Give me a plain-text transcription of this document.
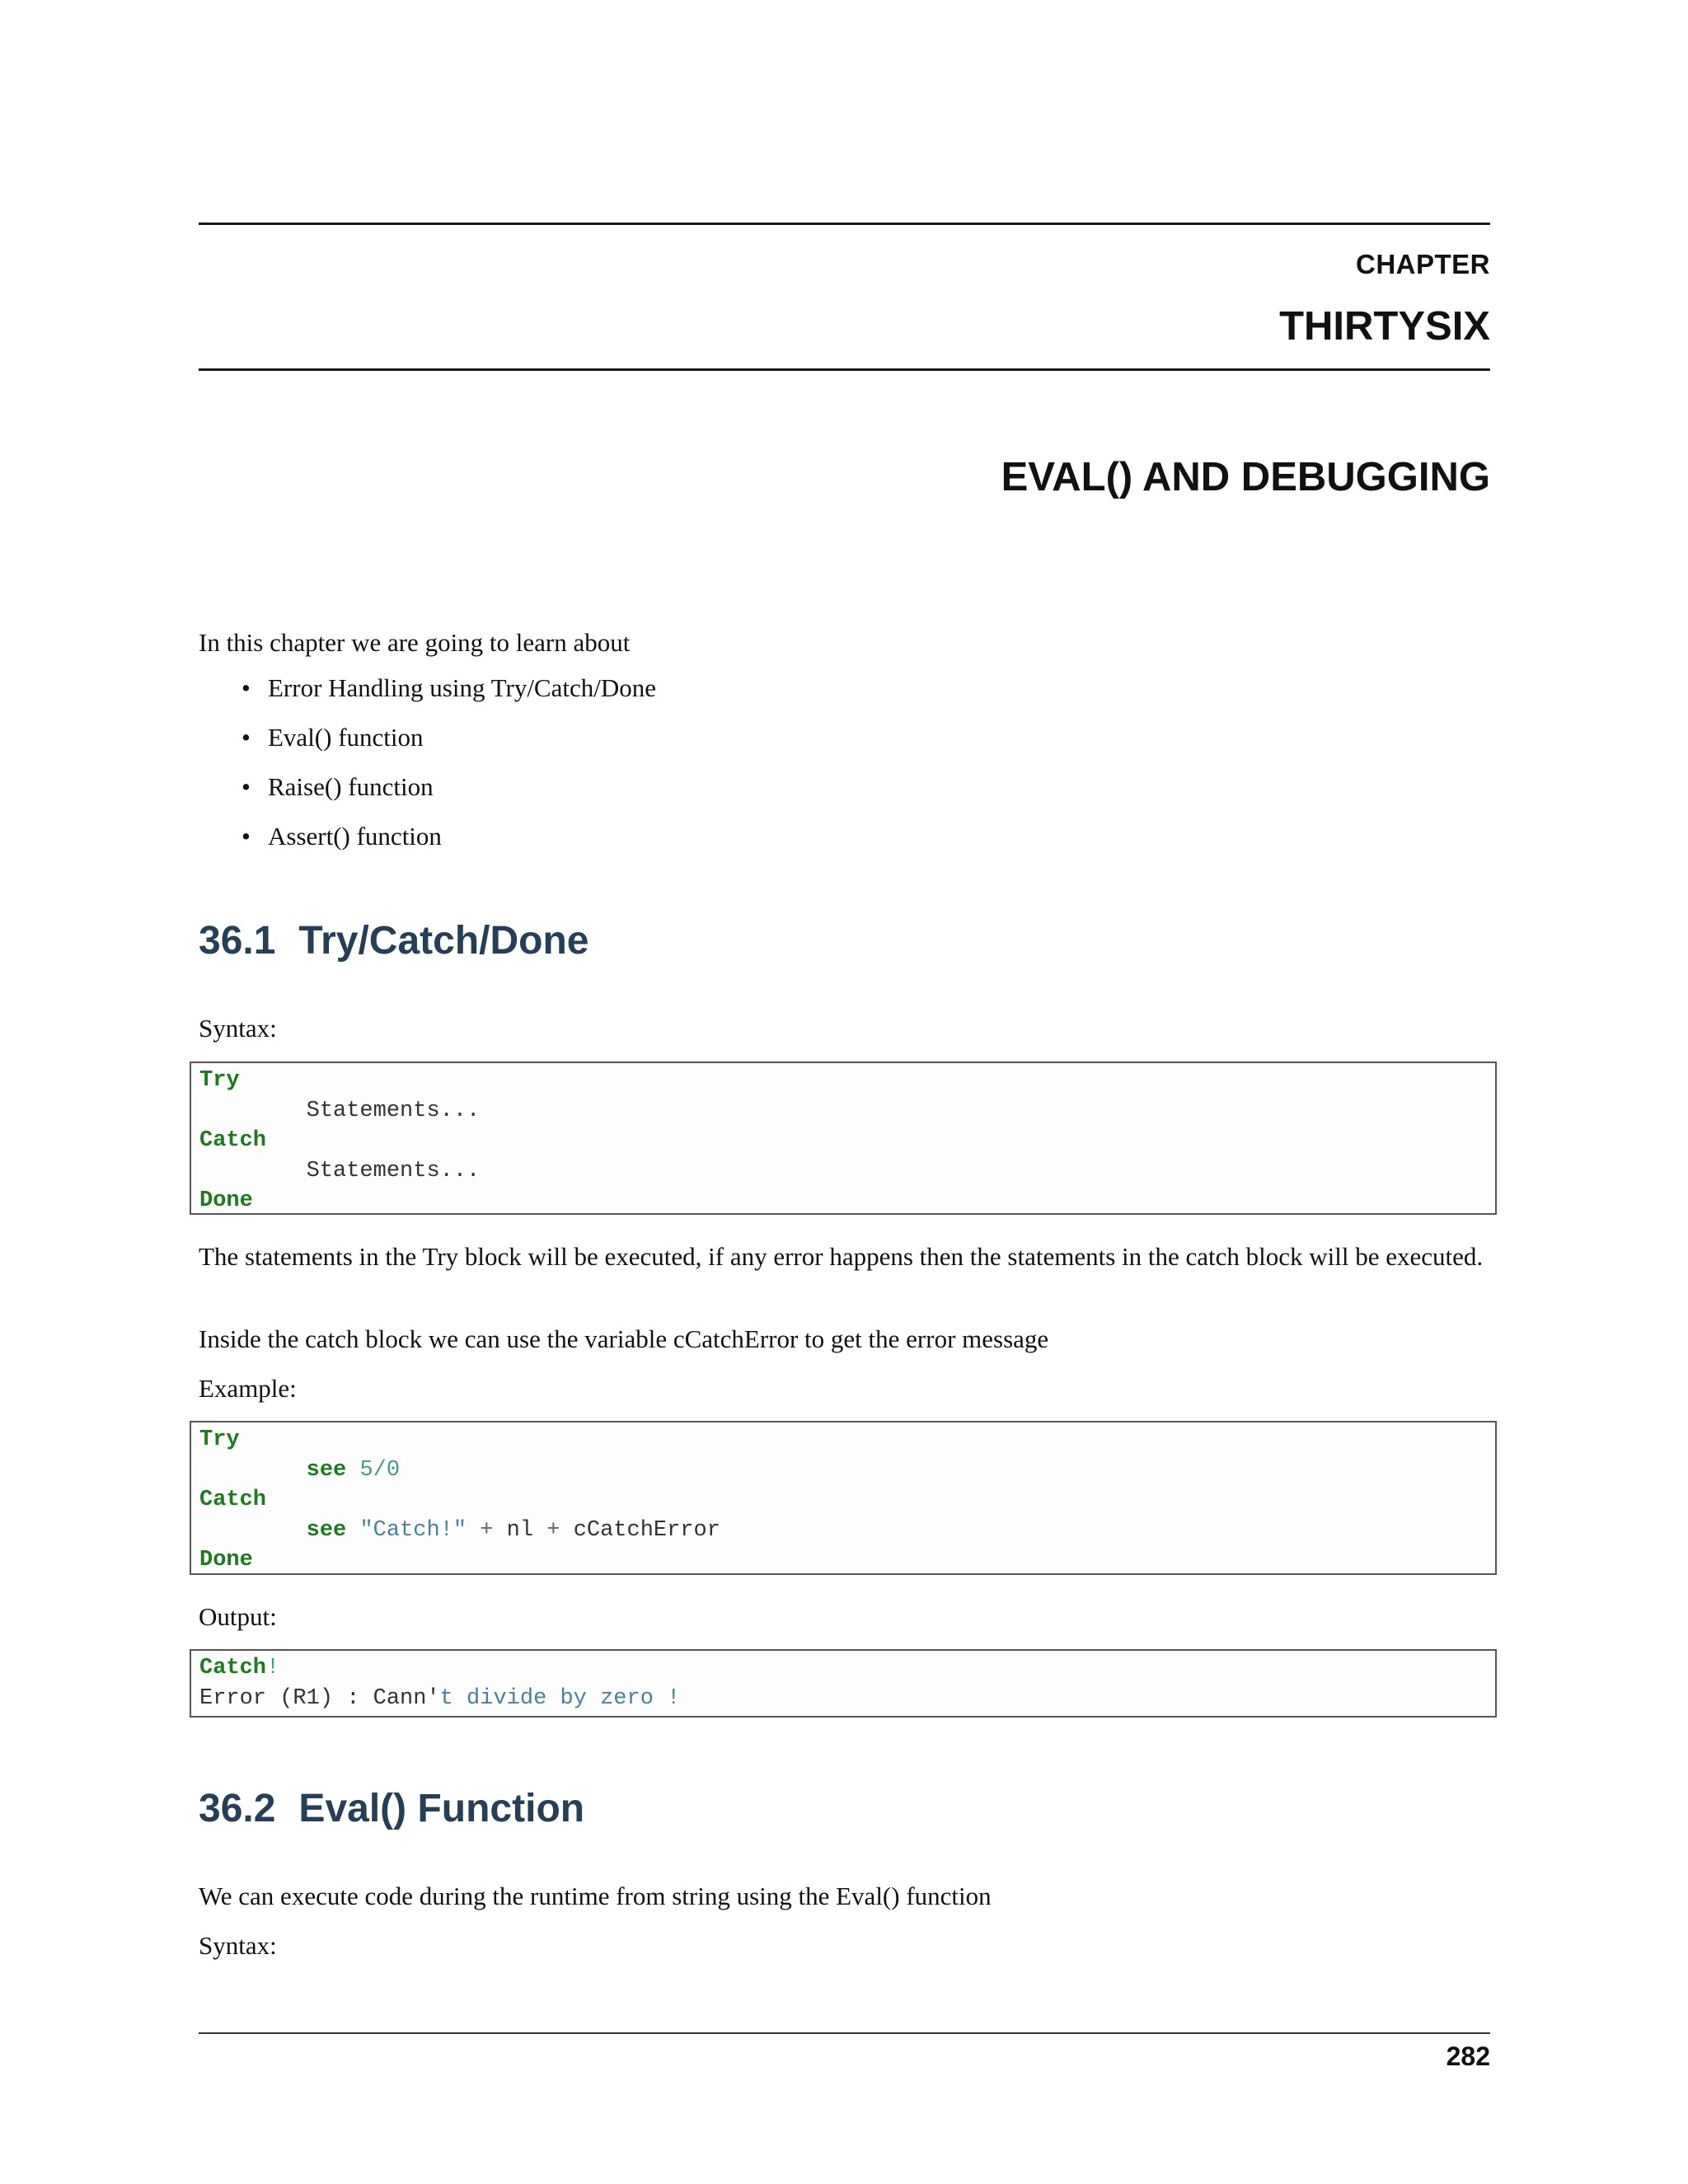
CHAPTER
THIRTYSIX
EVAL() AND DEBUGGING
In this chapter we are going to learn about
• Error Handling using Try/Catch/Done
• Eval() function
• Raise() function
• Assert() function
36.1 Try/Catch/Done
Syntax:
Try
Statements...
Catch
Statements...
Done
The statements in the Try block will be executed, if any error happens then the statements in the catch block will be executed.
Inside the catch block we can use the variable cCatchError to get the error message
Example:
Try
see 5/0
Catch
see "Catch!" + nl + cCatchError
Done
Output:
Catch!
Error (R1) : Cann't divide by zero !
36.2 Eval() Function
We can execute code during the runtime from string using the Eval() function
Syntax:
282
